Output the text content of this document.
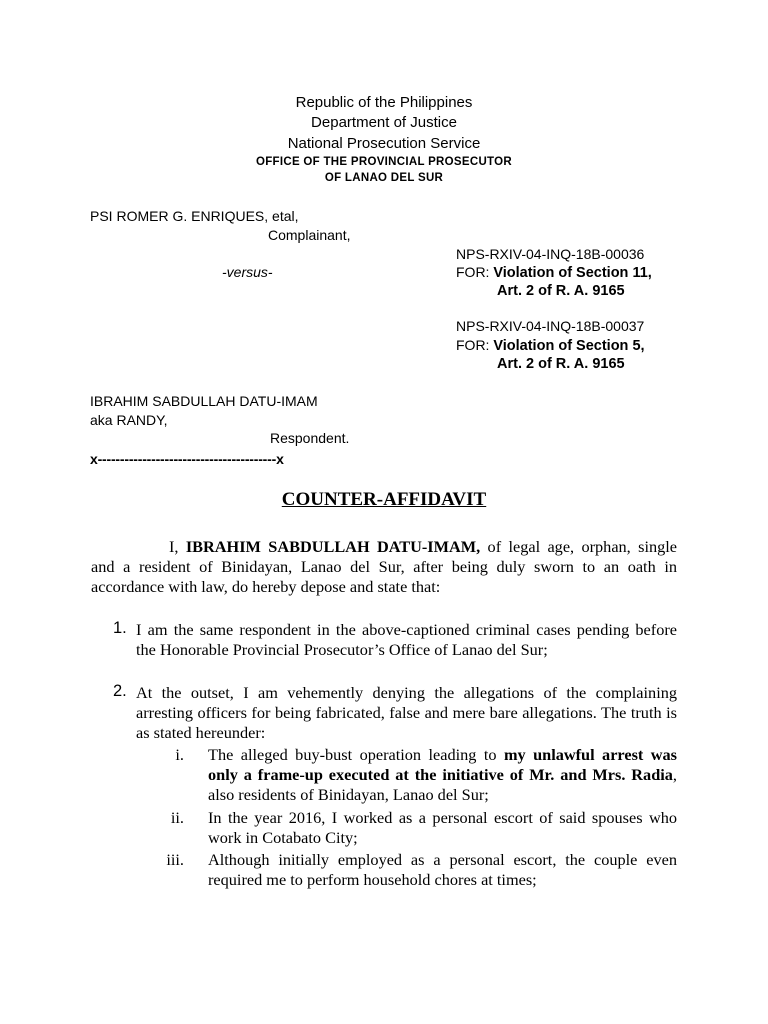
Republic of the Philippines
Department of Justice
National Prosecution Service
OFFICE OF THE PROVINCIAL PROSECUTOR
OF LANAO DEL SUR
PSI ROMER G. ENRIQUES, etal,
Complainant,
NPS-RXIV-04-INQ-18B-00036
-versus-	FOR: Violation of Section 11,
Art. 2 of R. A. 9165
NPS-RXIV-04-INQ-18B-00037
FOR: Violation of Section 5,
Art. 2 of R. A. 9165
IBRAHIM SABDULLAH DATU-IMAM
aka RANDY,
Respondent.
x----------------------------------------x
COUNTER-AFFIDAVIT
I, IBRAHIM SABDULLAH DATU-IMAM, of legal age, orphan, single and a resident of Binidayan, Lanao del Sur, after being duly sworn to an oath in accordance with law, do hereby depose and state that:
1. I am the same respondent in the above-captioned criminal cases pending before the Honorable Provincial Prosecutor’s Office of Lanao del Sur;
2. At the outset, I am vehemently denying the allegations of the complaining arresting officers for being fabricated, false and mere bare allegations. The truth is as stated hereunder:
i. The alleged buy-bust operation leading to my unlawful arrest was only a frame-up executed at the initiative of Mr. and Mrs. Radia, also residents of Binidayan, Lanao del Sur;
ii. In the year 2016, I worked as a personal escort of said spouses who work in Cotabato City;
iii. Although initially employed as a personal escort, the couple even required me to perform household chores at times;
